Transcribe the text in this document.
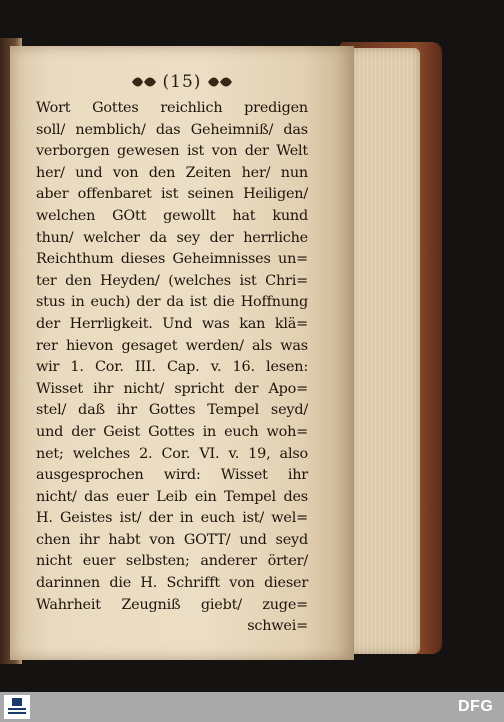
(15)
Wort Gottes reichlich predigen
soll/ nemblich/ das Geheimniß/ das
verborgen gewesen ist von der Welt
her/ und von den Zeiten her/ nun
aber offenbaret ist seinen Heiligen/
welchen GOtt gewollt hat kund
thun/ welcher da sey der herrliche
Reichthum dieses Geheimnisses un=
ter den Heyden/ (welches ist Chri=
stus in euch) der da ist die Hoffnung
der Herrligkeit. Und was kan klä=
rer hievon gesaget werden/ als was
wir 1. Cor. III. Cap. v. 16. lesen:
Wisset ihr nicht/ spricht der Apo=
stel/ daß ihr Gottes Tempel seyd/
und der Geist Gottes in euch woh=
net; welches 2. Cor. VI. v. 19, also
ausgesprochen wird: Wisset ihr
nicht/ das euer Leib ein Tempel des
H. Geistes ist/ der in euch ist/ wel=
chen ihr habt von GOTT/ und seyd
nicht euer selbsten; anderer örter/
darinnen die H. Schrifft von dieser
Wahrheit Zeugniß giebt/ zuge=
schwei=
DFG
